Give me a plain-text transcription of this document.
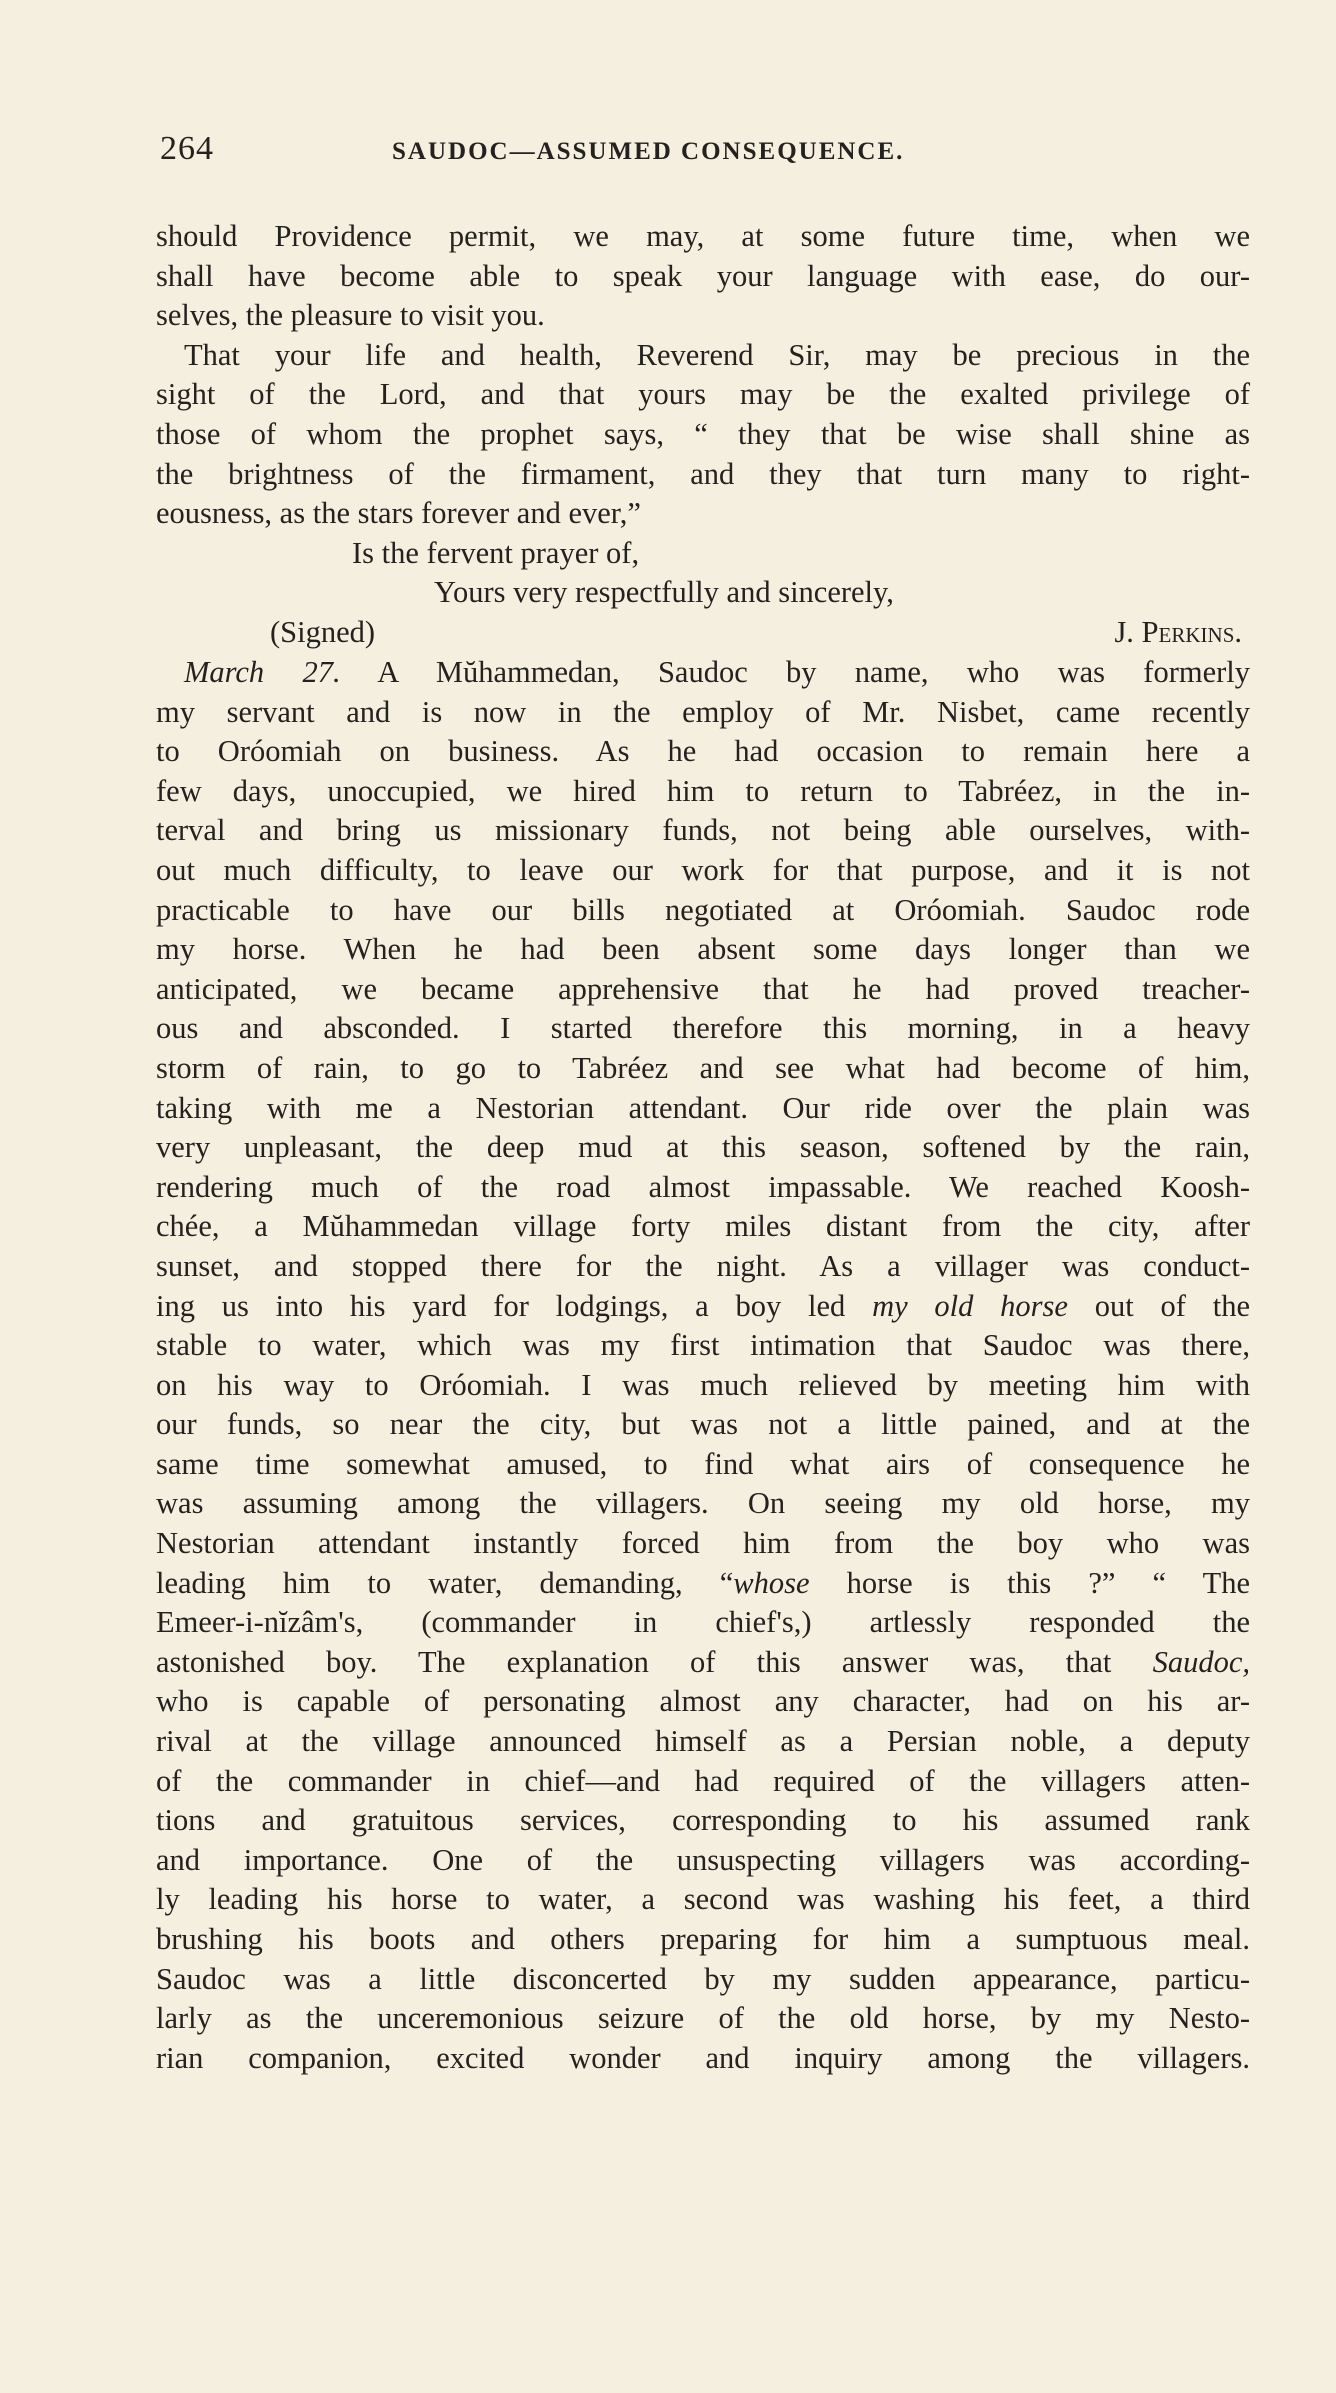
264	SAUDOC—ASSUMED CONSEQUENCE.
should Providence permit, we may, at some future time, when we
shall have become able to speak your language with ease, do our-
selves, the pleasure to visit you.
That your life and health, Reverend Sir, may be precious in the
sight of the Lord, and that yours may be the exalted privilege of
those of whom the prophet says, “ they that be wise shall shine as
the brightness of the firmament, and they that turn many to right-
eousness, as the stars forever and ever,”
Is the fervent prayer of,
Yours very respectfully and sincerely,
(Signed)	J. Perkins.
March 27. A Mŭhammedan, Saudoc by name, who was formerly
my servant and is now in the employ of Mr. Nisbet, came recently
to Oróomiah on business. As he had occasion to remain here a
few days, unoccupied, we hired him to return to Tabréez, in the in-
terval and bring us missionary funds, not being able ourselves, with-
out much difficulty, to leave our work for that purpose, and it is not
practicable to have our bills negotiated at Oróomiah. Saudoc rode
my horse. When he had been absent some days longer than we
anticipated, we became apprehensive that he had proved treacher-
ous and absconded. I started therefore this morning, in a heavy
storm of rain, to go to Tabréez and see what had become of him,
taking with me a Nestorian attendant. Our ride over the plain was
very unpleasant, the deep mud at this season, softened by the rain,
rendering much of the road almost impassable. We reached Koosh-
chée, a Mŭhammedan village forty miles distant from the city, after
sunset, and stopped there for the night. As a villager was conduct-
ing us into his yard for lodgings, a boy led my old horse out of the
stable to water, which was my first intimation that Saudoc was there,
on his way to Oróomiah. I was much relieved by meeting him with
our funds, so near the city, but was not a little pained, and at the
same time somewhat amused, to find what airs of consequence he
was assuming among the villagers. On seeing my old horse, my
Nestorian attendant instantly forced him from the boy who was
leading him to water, demanding, “whose horse is this ?” “ The
Emeer-i-nĭzâm's, (commander in chief's,) artlessly responded the
astonished boy. The explanation of this answer was, that Saudoc,
who is capable of personating almost any character, had on his ar-
rival at the village announced himself as a Persian noble, a deputy
of the commander in chief—and had required of the villagers atten-
tions and gratuitous services, corresponding to his assumed rank
and importance. One of the unsuspecting villagers was according-
ly leading his horse to water, a second was washing his feet, a third
brushing his boots and others preparing for him a sumptuous meal.
Saudoc was a little disconcerted by my sudden appearance, particu-
larly as the unceremonious seizure of the old horse, by my Nesto-
rian companion, excited wonder and inquiry among the villagers.
